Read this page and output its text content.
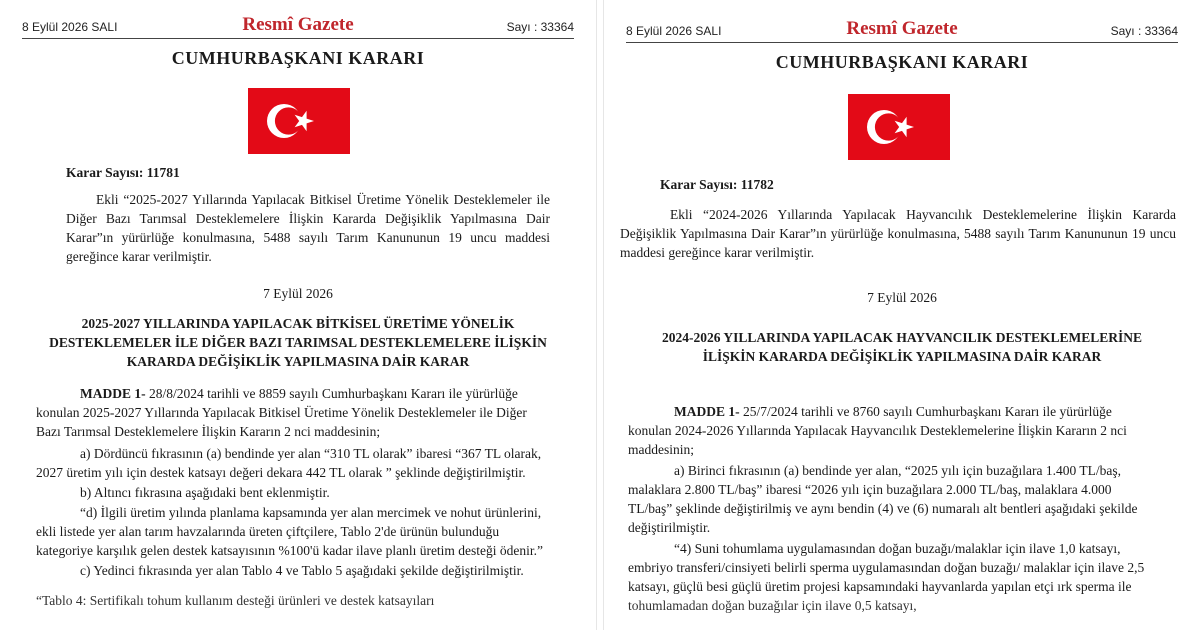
8 Eylül 2026 SALI	Resmî Gazete	Sayı : 33364
CUMHURBAŞKANI KARARI
Karar Sayısı: 11781

Ekli “2025-2027 Yıllarında Yapılacak Bitkisel Üretime Yönelik Desteklemeler ile Diğer Bazı Tarımsal Desteklemelere İlişkin Kararda Değişiklik Yapılmasına Dair Karar”ın yürürlüğe konulmasına, 5488 sayılı Tarım Kanununun 19 uncu maddesi gereğince karar verilmiştir.

7 Eylül 2026
2025-2027 YILLARINDA YAPILACAK BİTKİSEL ÜRETİME YÖNELİK
DESTEKLEMELER İLE DİĞER BAZI TARIMSAL DESTEKLEMELERE İLİŞKİN
KARARDA DEĞİŞİKLİK YAPILMASINA DAİR KARAR
MADDE 1- 28/8/2024 tarihli ve 8859 sayılı Cumhurbaşkanı Kararı ile yürürlüğe
konulan 2025-2027 Yıllarında Yapılacak Bitkisel Üretime Yönelik Desteklemeler ile Diğer
Bazı Tarımsal Desteklemelere İlişkin Kararın 2 nci maddesinin;
a) Dördüncü fıkrasının (a) bendinde yer alan “310 TL olarak” ibaresi “367 TL olarak,
2027 üretim yılı için destek katsayı değeri dekara 442 TL olarak ” şeklinde değiştirilmiştir.
b) Altıncı fıkrasına aşağıdaki bent eklenmiştir.
“d) İlgili üretim yılında planlama kapsamında yer alan mercimek ve nohut ürünlerini,
ekli listede yer alan tarım havzalarında üreten çiftçilere, Tablo 2'de ürünün bulunduğu
kategoriye karşılık gelen destek katsayısının %100'ü kadar ilave planlı üretim desteği ödenir.”
c) Yedinci fıkrasında yer alan Tablo 4 ve Tablo 5 aşağıdaki şekilde değiştirilmiştir.
“Tablo 4: Sertifikalı tohum kullanım desteği ürünleri ve destek katsayıları
8 Eylül 2026 SALI	Resmî Gazete	Sayı : 33364
CUMHURBAŞKANI KARARI
Karar Sayısı: 11782

Ekli “2024-2026 Yıllarında Yapılacak Hayvancılık Desteklemelerine İlişkin Kararda Değişiklik Yapılmasına Dair Karar”ın yürürlüğe konulmasına, 5488 sayılı Tarım Kanununun 19 uncu maddesi gereğince karar verilmiştir.

7 Eylül 2026
2024-2026 YILLARINDA YAPILACAK HAYVANCILIK DESTEKLEMELERİNE
İLİŞKİN KARARDA DEĞİŞİKLİK YAPILMASINA DAİR KARAR
MADDE 1- 25/7/2024 tarihli ve 8760 sayılı Cumhurbaşkanı Kararı ile yürürlüğe
konulan 2024-2026 Yıllarında Yapılacak Hayvancılık Desteklemelerine İlişkin Kararın 2 nci
maddesinin;
a) Birinci fıkrasının (a) bendinde yer alan, “2025 yılı için buzağılara 1.400 TL/baş,
malaklara 2.800 TL/baş” ibaresi “2026 yılı için buzağılara 2.000 TL/baş, malaklara 4.000
TL/baş” şeklinde değiştirilmiş ve aynı bendin (4) ve (6) numaralı alt bentleri aşağıdaki şekilde
değiştirilmiştir.
“4) Suni tohumlama uygulamasından doğan buzağı/malaklar için ilave 1,0 katsayı,
embriyo transferi/cinsiyeti belirli sperma uygulamasından doğan buzağı/ malaklar için ilave 2,5
katsayı, güçlü besi güçlü üretim projesi kapsamındaki hayvanlarda yapılan etçi ırk sperma ile
tohumlamadan doğan buzağılar için ilave 0,5 katsayı,
